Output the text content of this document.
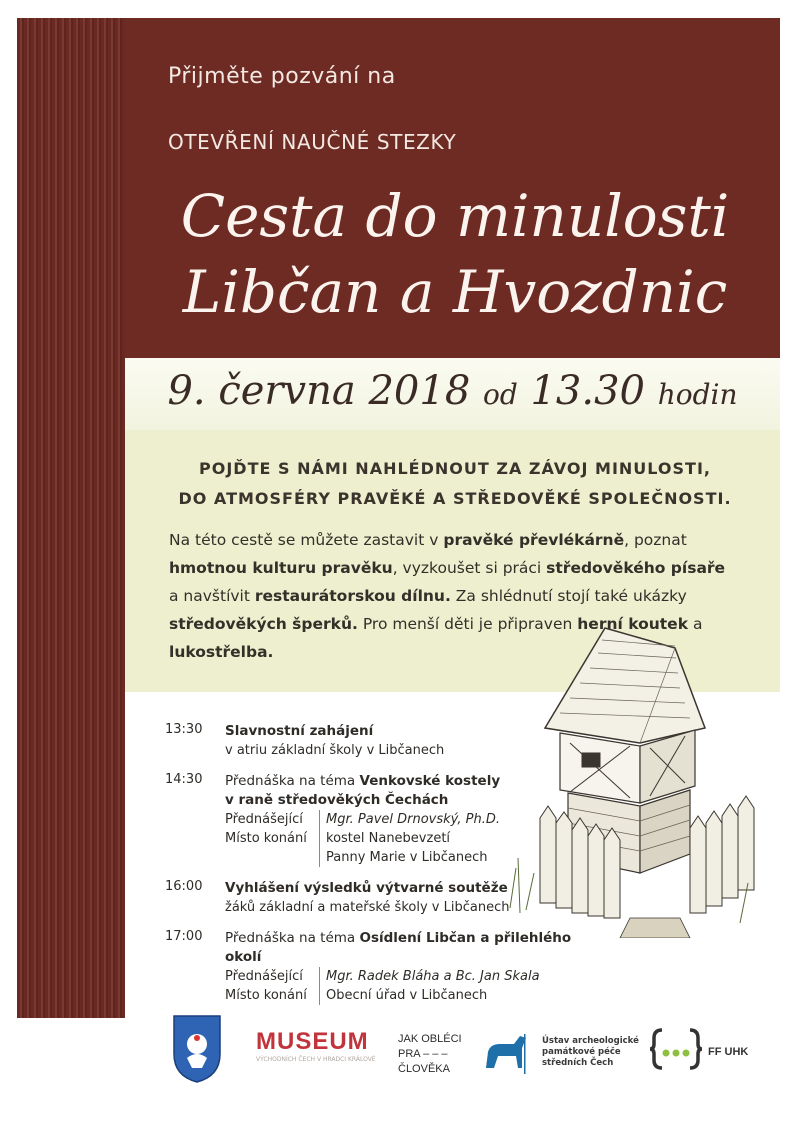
Přijměte pozvání na
OTEVŘENÍ NAUČNÉ STEZKY
Cesta do minulosti
Libčan a Hvozdnic
9. června 2018 od 13.30 hodin
POJĎTE S NÁMI NAHLÉDNOUT ZA ZÁVOJ MINULOSTI,
DO ATMOSFÉRY PRAVĚKÉ A STŘEDOVĚKÉ SPOLEČNOSTI.
Na této cestě se můžete zastavit v pravěké převlékárně, poznat hmotnou kulturu pravěku, vyzkoušet si práci středověkého písaře a navštívit restaurátorskou dílnu. Za shlédnutí stojí také ukázky středověkých šperků. Pro menší děti je připraven herní koutek a lukostřelba.
13:30	Slavnostní zahájení
v atriu základní školy v Libčanech
14:30	Přednáška na téma Venkovské kostely
v raně středověkých Čechách
Přednášející	Mgr. Pavel Drnovský, Ph.D.
Místo konání	kostel Nanebevzetí
Panny Marie v Libčanech
16:00	Vyhlášení výsledků výtvarné soutěže
žáků základní a mateřské školy v Libčanech
17:00	Přednáška na téma Osídlení Libčan a přilehlého okolí
Přednášející	Mgr. Radek Bláha a Bc. Jan Skala
Místo konání	Obecní úřad v Libčanech
MUSEUM
VÝCHODNÍCH ČECH V HRADCI KRÁLOVÉ
JAK OBLÉCI
PRA – – –
ČLOVĚKA
Ústav archeologické
památkové péče
středních Čech
FF UHK
